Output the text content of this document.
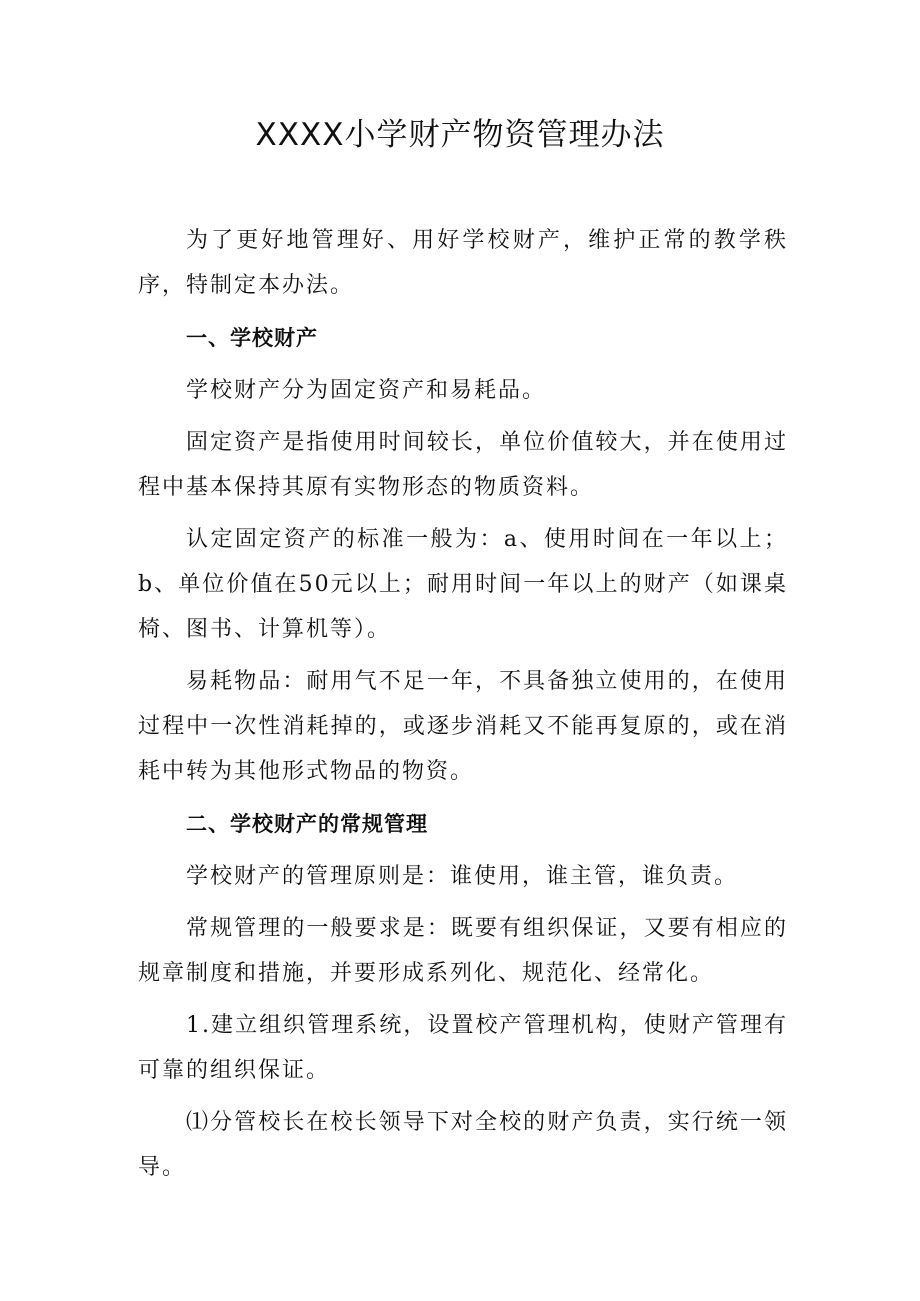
XXXX小学财产物资管理办法

为了更好地管理好、用好学校财产，维护正常的教学秩序，特制定本办法。

一、学校财产

学校财产分为固定资产和易耗品。

固定资产是指使用时间较长，单位价值较大，并在使用过程中基本保持其原有实物形态的物质资料。

认定固定资产的标准一般为：a、使用时间在一年以上；b、单位价值在50元以上；耐用时间一年以上的财产（如课桌椅、图书、计算机等）。

易耗物品：耐用气不足一年，不具备独立使用的，在使用过程中一次性消耗掉的，或逐步消耗又不能再复原的，或在消耗中转为其他形式物品的物资。

二、学校财产的常规管理

学校财产的管理原则是：谁使用，谁主管，谁负责。

常规管理的一般要求是：既要有组织保证，又要有相应的规章制度和措施，并要形成系列化、规范化、经常化。

1.建立组织管理系统，设置校产管理机构，使财产管理有可靠的组织保证。

⑴分管校长在校长领导下对全校的财产负责，实行统一领导。
